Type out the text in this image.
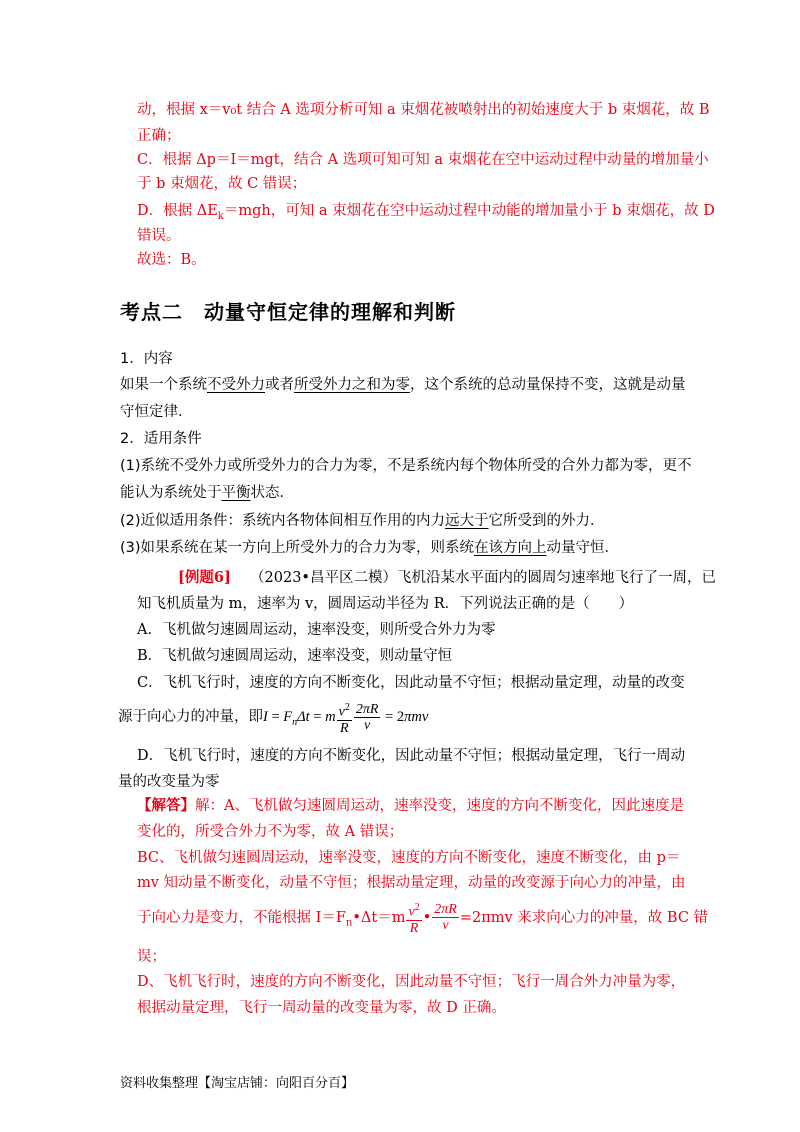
动，根据 x＝v₀t 结合 A 选项分析可知 a 束烟花被喷射出的初始速度大于 b 束烟花，故 B
正确；
C．根据 Δp＝I＝mgt，结合 A 选项可知可知 a 束烟花在空中运动过程中动量的增加量小
于 b 束烟花，故 C 错误；
D．根据 $\Delta E_k=mgh$，可知 a 束烟花在空中运动过程中动能的增加量小于 b 束烟花，故 D
错误。
故选：B。
考点二　动量守恒定律的理解和判断
1．内容
如果一个系统不受外力或者所受外力之和为零，这个系统的总动量保持不变，这就是动量
守恒定律．
2．适用条件
(1)系统不受外力或所受外力的合力为零，不是系统内每个物体所受的合外力都为零，更不
能认为系统处于平衡状态．
(2)近似适用条件：系统内各物体间相互作用的内力远大于它所受到的外力．
(3)如果系统在某一方向上所受外力的合力为零，则系统在该方向上动量守恒．
[例题6] （2023•昌平区二模）飞机沿某水平面内的圆周匀速率地飞行了一周，已
知飞机质量为 m，速率为 v，圆周运动半径为 R．下列说法正确的是（　　）
A．飞机做匀速圆周运动，速率没变，则所受合外力为零
B．飞机做匀速圆周运动，速率没变，则动量守恒
C．飞机飞行时，速度的方向不断变化，因此动量不守恒；根据动量定理，动量的改变
源于向心力的冲量，即$I = F_n\Delta t = m \frac{v^2}{R} \frac{2\pi R}{v} = 2\pi mv$
D．飞机飞行时，速度的方向不断变化，因此动量不守恒；根据动量定理，飞行一周动
量的改变量为零
【解答】解：A、飞机做匀速圆周运动，速率没变，速度的方向不断变化，因此速度是
变化的，所受合外力不为零，故 A 错误；
BC、飞机做匀速圆周运动，速率没变，速度的方向不断变化，速度不断变化，由 p＝
mv 知动量不断变化，动量不守恒；根据动量定理，动量的改变源于向心力的冲量，由
于向心力是变力，不能根据 $I=F_n•\Delta t=m \frac{v^2}{R}$ • $\frac{2\pi R}{v} =2\pi mv$ 来求向心力的冲量，故 BC 错
误；
D、飞机飞行时，速度的方向不断变化，因此动量不守恒；飞行一周合外力冲量为零，
根据动量定理，飞行一周动量的改变量为零，故 D 正确。
资料收集整理【淘宝店铺：向阳百分百】
